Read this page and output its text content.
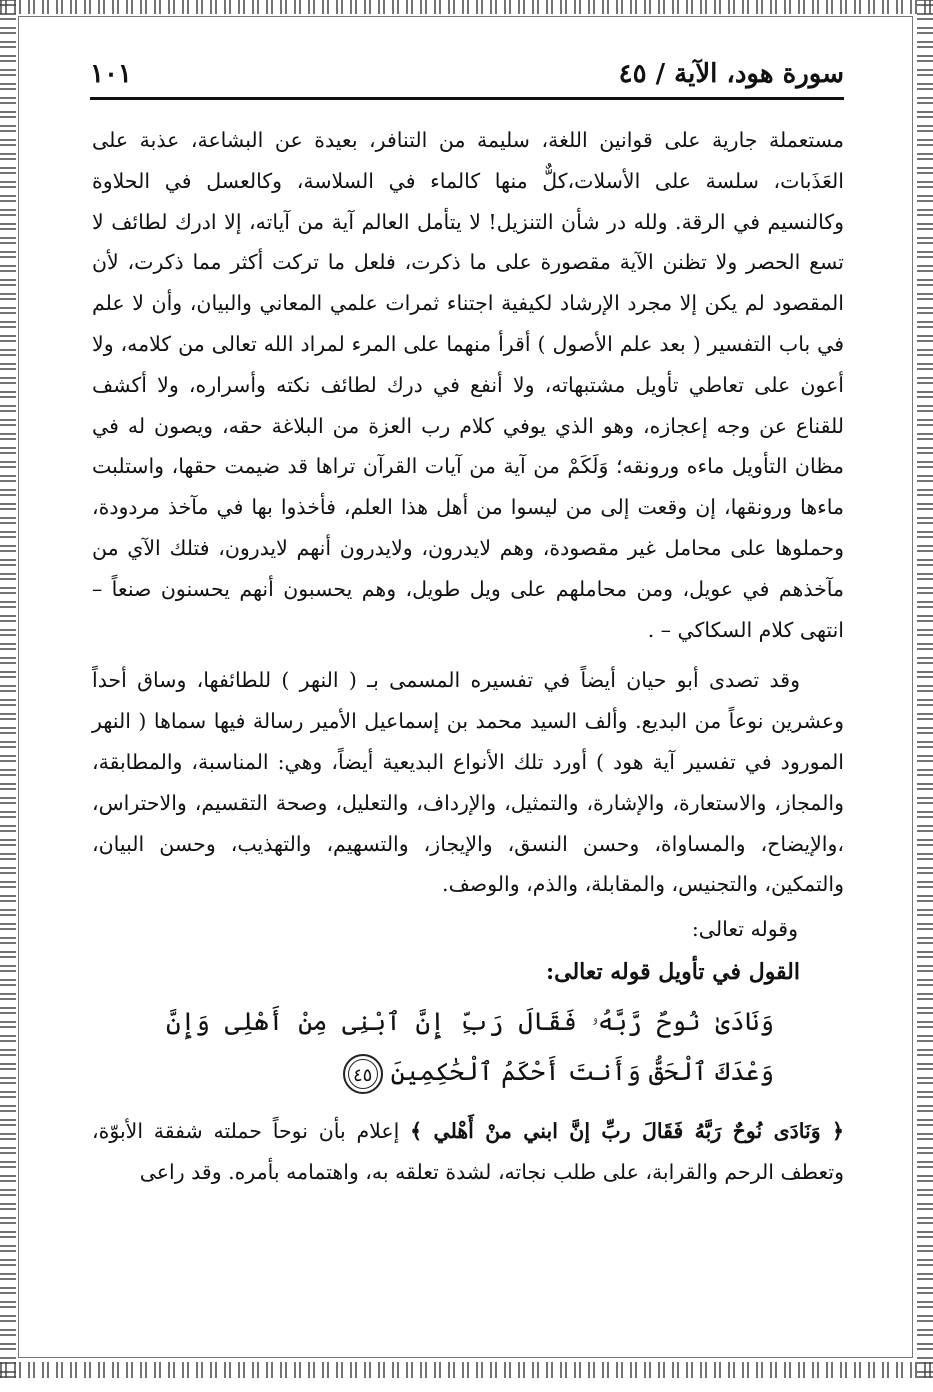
سورة هود، الآية / ٤٥
١٠١

مستعملة جارية على قوانين اللغة، سليمة من التنافر، بعيدة عن البشاعة، عذبة على العَذَبات، سلسة على الأسلات،كلٌّ منها كالماء في السلاسة، وكالعسل في الحلاوة وكالنسيم في الرقة. ولله در شأن التنزيل! لا يتأمل العالم آية من آياته، إلا ادرك لطائف لا تسع الحصر ولا تظنن الآية مقصورة على ما ذكرت، فلعل ما تركت أكثر مما ذكرت، لأن المقصود لم يكن إلا مجرد الإرشاد لكيفية اجتناء ثمرات علمي المعاني والبيان، وأن لا علم في باب التفسير ( بعد علم الأصول ) أقرأ منهما على المرء لمراد الله تعالى من كلامه، ولا أعون على تعاطي تأويل مشتبهاته، ولا أنفع في درك لطائف نكته وأسراره، ولا أكشف للقناع عن وجه إعجازه، وهو الذي يوفي كلام رب العزة من البلاغة حقه، ويصون له في مظان التأويل ماءه ورونقه؛ وَلَكَمْ من آية من آيات القرآن تراها قد ضيمت حقها، واستلبت ماءها ورونقها، إن وقعت إلى من ليسوا من أهل هذا العلم، فأخذوا بها في مآخذ مردودة، وحملوها على محامل غير مقصودة، وهم لايدرون، ولايدرون أنهم لايدرون، فتلك الآي من مآخذهم في عويل، ومن محاملهم على ويل طويل، وهم يحسبون أنهم يحسنون صنعاً – انتهى كلام السكاكي – .

وقد تصدى أبو حيان أيضاً في تفسيره المسمى بـ ( النهر ) للطائفها، وساق أحداً وعشرين نوعاً من البديع. وألف السيد محمد بن إسماعيل الأمير رسالة فيها سماها ( النهر المورود في تفسير آية هود ) أورد تلك الأنواع البديعية أيضاً، وهي: المناسبة، والمطابقة، والمجاز، والاستعارة، والإشارة، والتمثيل، والإرداف، والتعليل، وصحة التقسيم، والاحتراس، ،والإيضاح، والمساواة، وحسن النسق، والإيجاز، والتسهيم، والتهذيب، وحسن البيان، والتمكين، والتجنيس، والمقابلة، والذم، والوصف.

وقوله تعالى:

القول في تأويل قوله تعالى:

وَنَادَىٰ نُوحٌ رَّبَّهُۥ فَقَالَ رَبِّ إِنَّ ٱبْنِى مِنْ أَهْلِى وَإِنَّ وَعْدَكَ ٱلْحَقُّ وَأَنتَ أَحْكَمُ ٱلْحَٰكِمِينَ٤٥

﴿ وَنَادَى نُوحٌ رَبَّهُ فَقَالَ ربِّ إنَّ ابني منْ أَهْلي ﴾ إعلام بأن نوحاً حملته شفقة الأبوّة، وتعطف الرحم والقرابة، على طلب نجاته، لشدة تعلقه به، واهتمامه بأمره. وقد راعى
